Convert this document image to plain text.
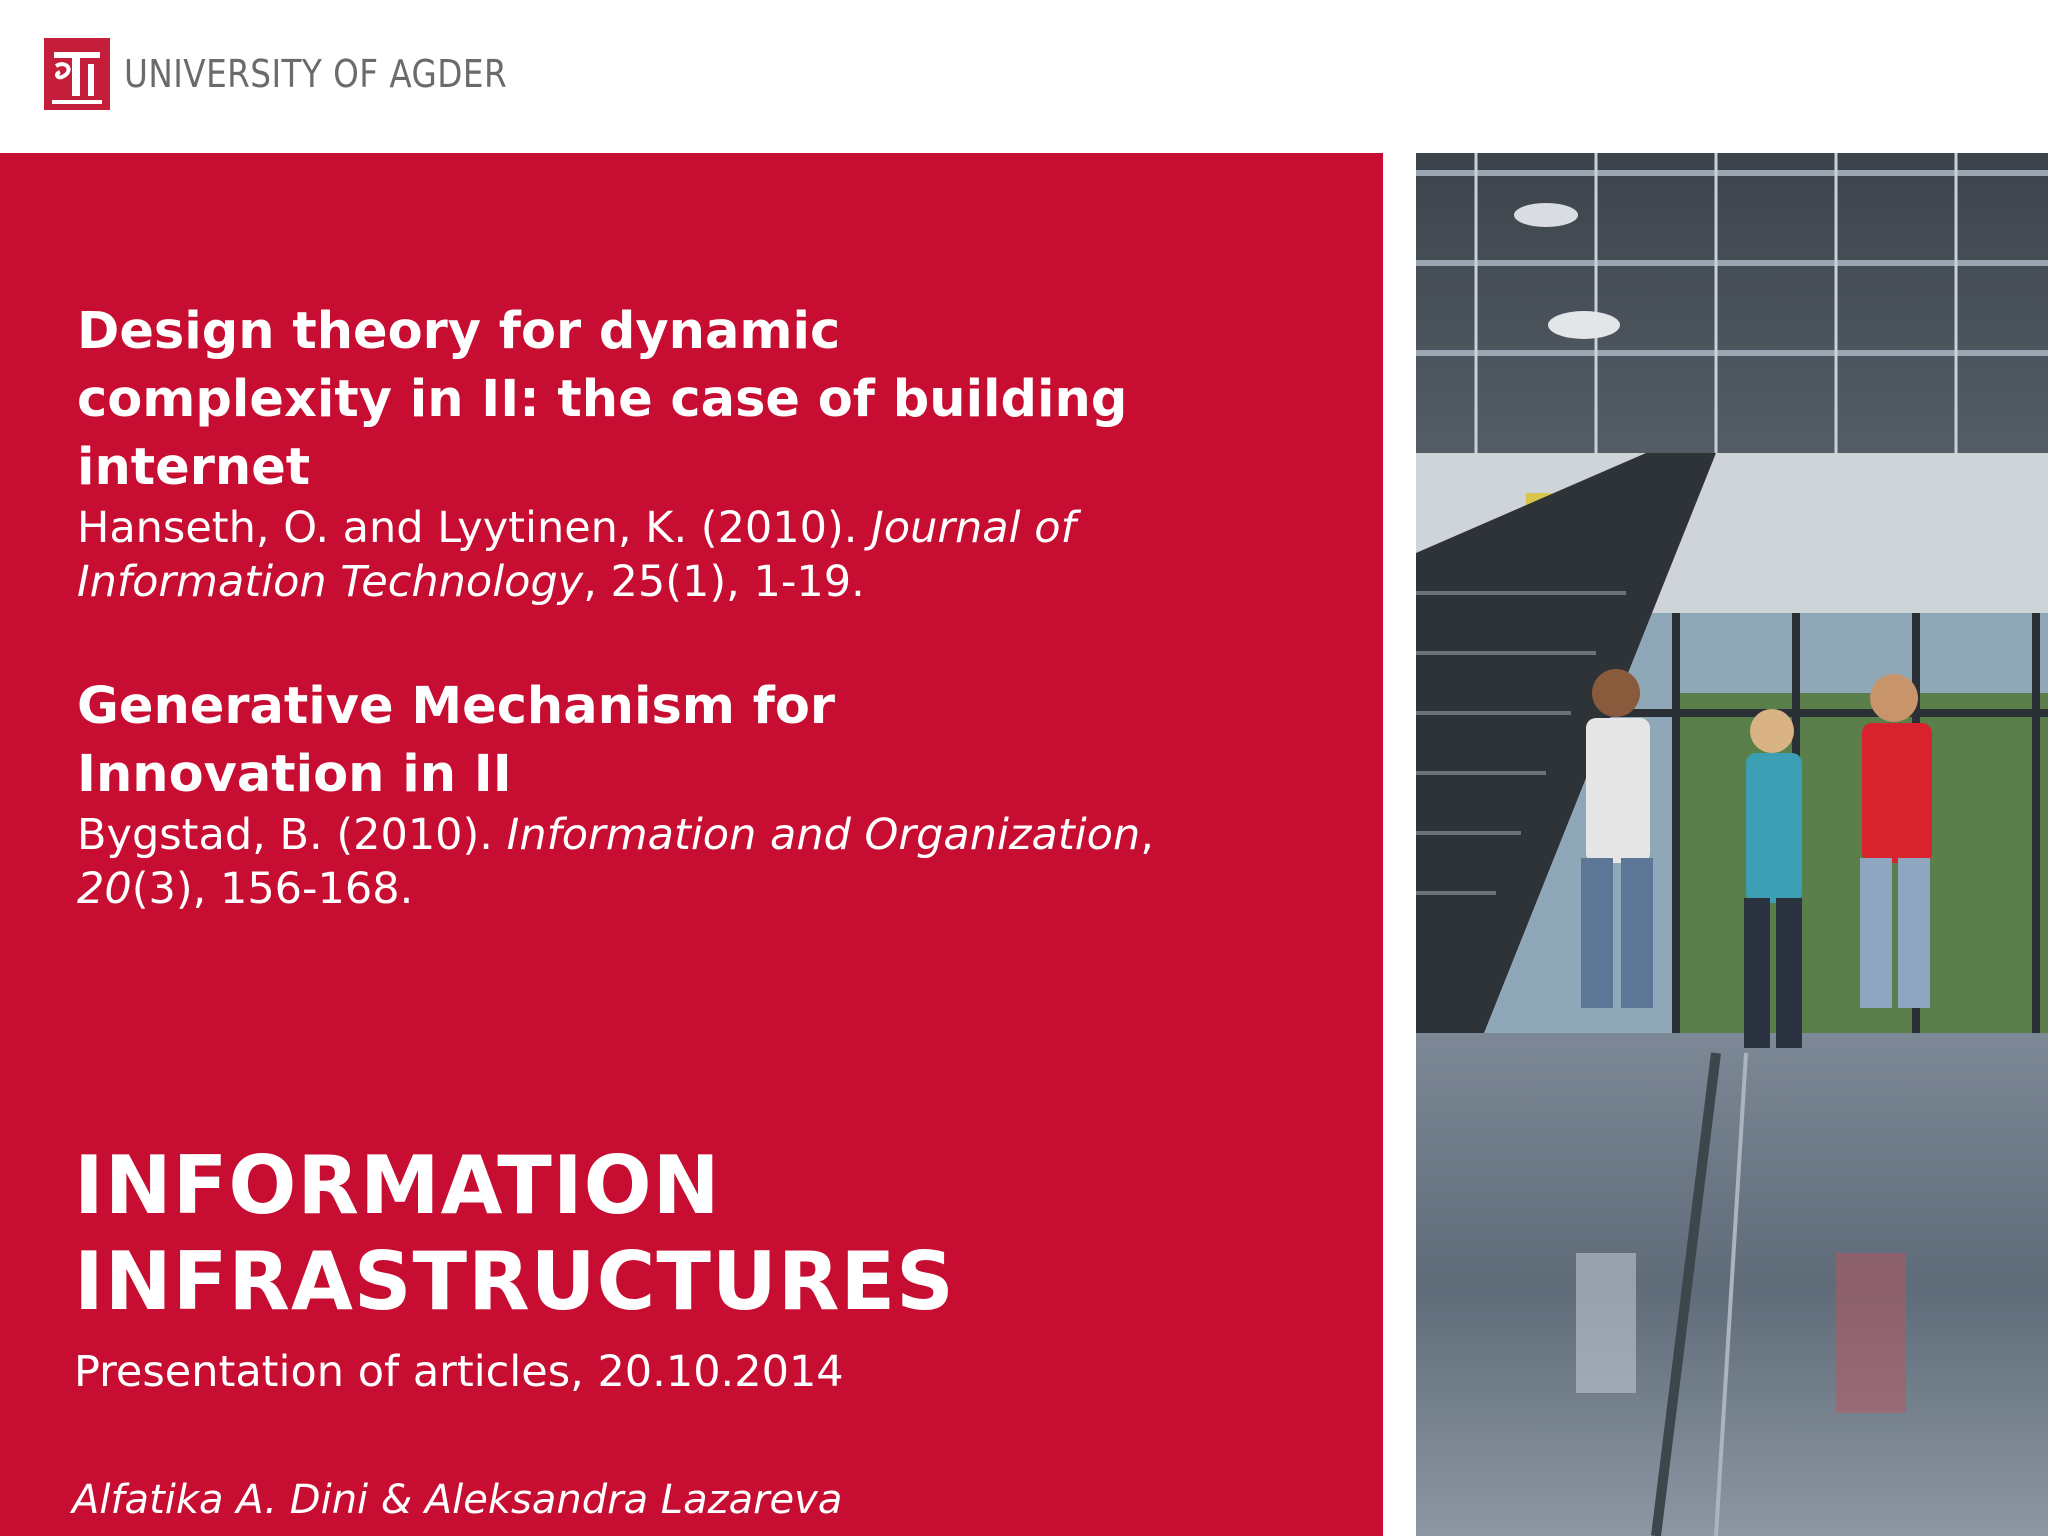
UNIVERSITY OF AGDER

Design theory for dynamic
complexity in II: the case of building
internet

Hanseth, O. and Lyytinen, K. (2010). Journal of
Information Technology, 25(1), 1-19.

Generative Mechanism for
Innovation in II

Bygstad, B. (2010). Information and Organization,
20(3), 156-168.

INFORMATION
INFRASTRUCTURES

Presentation of articles, 20.10.2014

Alfatika A. Dini & Aleksandra Lazareva
